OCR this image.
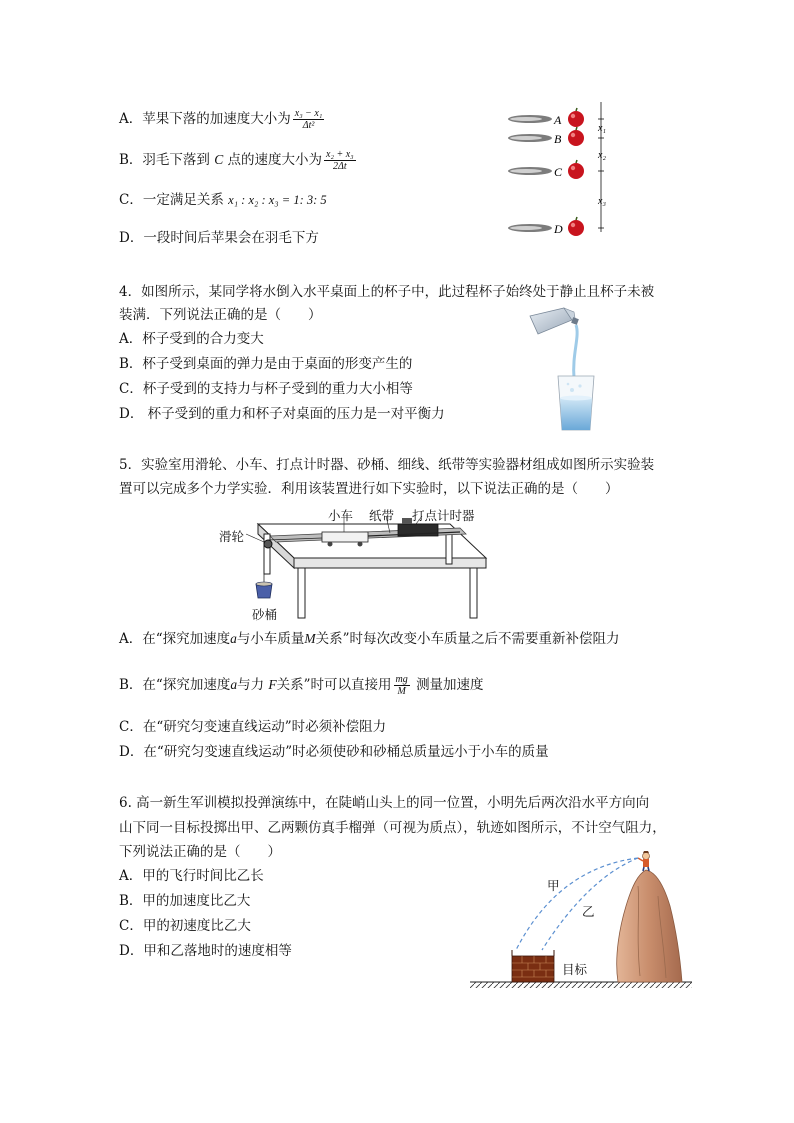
A．苹果下落的加速度大小为 $\frac{\text{x₃ − x₁}}{\text{Δt²}}$
B．羽毛下落到 C 点的速度大小为 $\frac{\text{x₂ + x₃}}{2\Delta t}$
C．一定满足关系 x₁ : x₂ : x₃ = 1: 3: 5
D．一段时间后苹果会在羽毛下方
A
B
C
D
x₁
x₂
x₃
4．如图所示，某同学将水倒入水平桌面上的杯子中，此过程杯子始终处于静止且杯子未被
装满．下列说法正确的是（　　）
A．杯子受到的合力变大
B．杯子受到桌面的弹力是由于桌面的形变产生的
C．杯子受到的支持力与杯子受到的重力大小相等
D． 杯子受到的重力和杯子对桌面的压力是一对平衡力
5．实验室用滑轮、小车、打点计时器、砂桶、细线、纸带等实验器材组成如图所示实验装
置可以完成多个力学实验．利用该装置进行如下实验时，以下说法正确的是（　　）
小车 纸带 打点计时器
滑轮
砂桶
A．在“探究加速度a与小车质量M关系”时每次改变小车质量之后不需要重新补偿阻力
B．在“探究加速度a与力 F关系”时可以直接用 $\frac{mg}{M}$ 测量加速度
C．在“研究匀变速直线运动”时必须补偿阻力
D．在“研究匀变速直线运动”时必须使砂和砂桶总质量远小于小车的质量
6. 高一新生军训模拟投弹演练中，在陡峭山头上的同一位置，小明先后两次沿水平方向向
山下同一目标投掷出甲、乙两颗仿真手榴弹（可视为质点），轨迹如图所示，不计空气阻力，
下列说法正确的是（　　）
A．甲的飞行时间比乙长
B．甲的加速度比乙大
C．甲的初速度比乙大
D．甲和乙落地时的速度相等
甲
乙
目标
